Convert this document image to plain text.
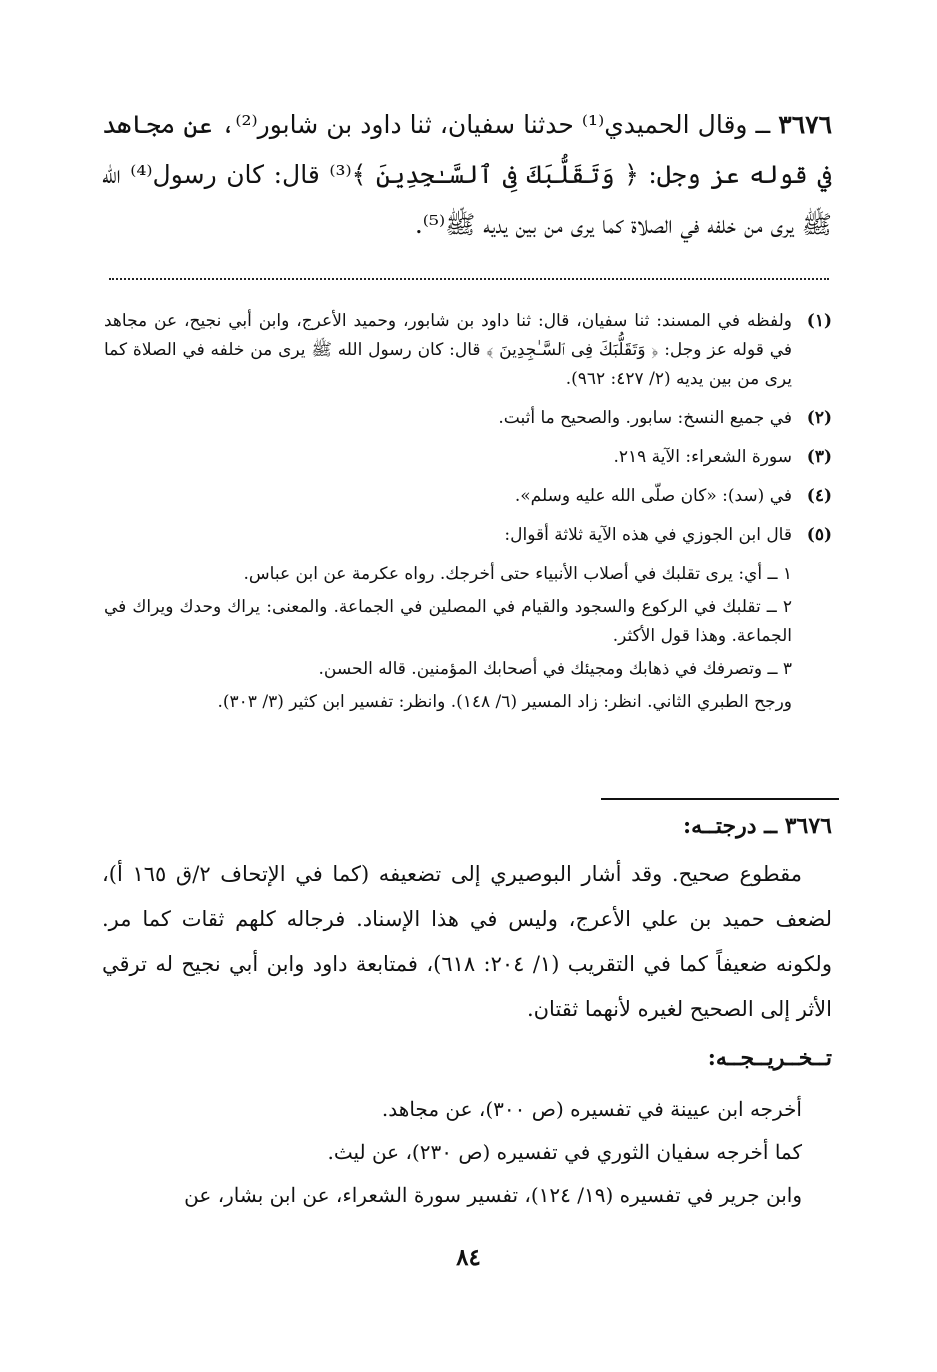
٣٦٧٦ ــ وقال الحميدي⁽¹⁾ حدثنا سفيان، ثنا داود بن شابور⁽²⁾، عن مجاهد في قوله عز وجل: ﴿ وَتَقَلُّبَكَ فِى ٱلسَّـٰجِدِينَ ﴾⁽³⁾ قال: كان رسول⁽⁴⁾ الله ﷺ يرى من خلفه في الصلاة كما يرى من بين يديه ﷺ⁽⁵⁾.

(١)

ولفظه في المسند: ثنا سفيان، قال: ثنا داود بن شابور، وحميد الأعرج، وابن أبي نجيح، عن مجاهد في قوله عز وجل: ﴿ وَتَقَلُّبَكَ فِى ٱلسَّـٰجِدِينَ ﴾ قال: كان رسول الله ﷺ يرى من خلفه في الصلاة كما يرى من بين يديه (٢/ ٤٢٧: ٩٦٢).

(٢)

في جميع النسخ: سابور. والصحيح ما أثبت.

(٣)

سورة الشعراء: الآية ٢١٩.

(٤)

في (سد): «كان صلّى الله عليه وسلم».

(٥)

قال ابن الجوزي في هذه الآية ثلاثة أقوال:

١ ــ أي: يرى تقلبك في أصلاب الأنبياء حتى أخرجك. رواه عكرمة عن ابن عباس.

٢ ــ تقلبك في الركوع والسجود والقيام في المصلين في الجماعة. والمعنى: يراك وحدك ويراك في الجماعة. وهذا قول الأكثر.

٣ ــ وتصرفك في ذهابك ومجيئك في أصحابك المؤمنين. قاله الحسن.

ورجح الطبري الثاني. انظر: زاد المسير (٦/ ١٤٨). وانظر: تفسير ابن كثير (٣/ ٣٠٣).

٣٦٧٦ ــ درجتــه:

مقطوع صحيح. وقد أشار البوصيري إلى تضعيفه (كما في الإتحاف ٢/ق ١٦٥ أ)، لضعف حميد بن علي الأعرج، وليس في هذا الإسناد. فرجاله كلهم ثقات كما مر. ولكونه ضعيفاً كما في التقريب (١/ ٢٠٤: ٦١٨)، فمتابعة داود وابن أبي نجيح له ترقي الأثر إلى الصحيح لغيره لأنهما ثقتان.

تــخــريــجــه:

أخرجه ابن عيينة في تفسيره (ص ٣٠٠)، عن مجاهد.

كما أخرجه سفيان الثوري في تفسيره (ص ٢٣٠)، عن ليث.

وابن جرير في تفسيره (١٩/ ١٢٤)، تفسير سورة الشعراء، عن ابن بشار، عن

٨٤
